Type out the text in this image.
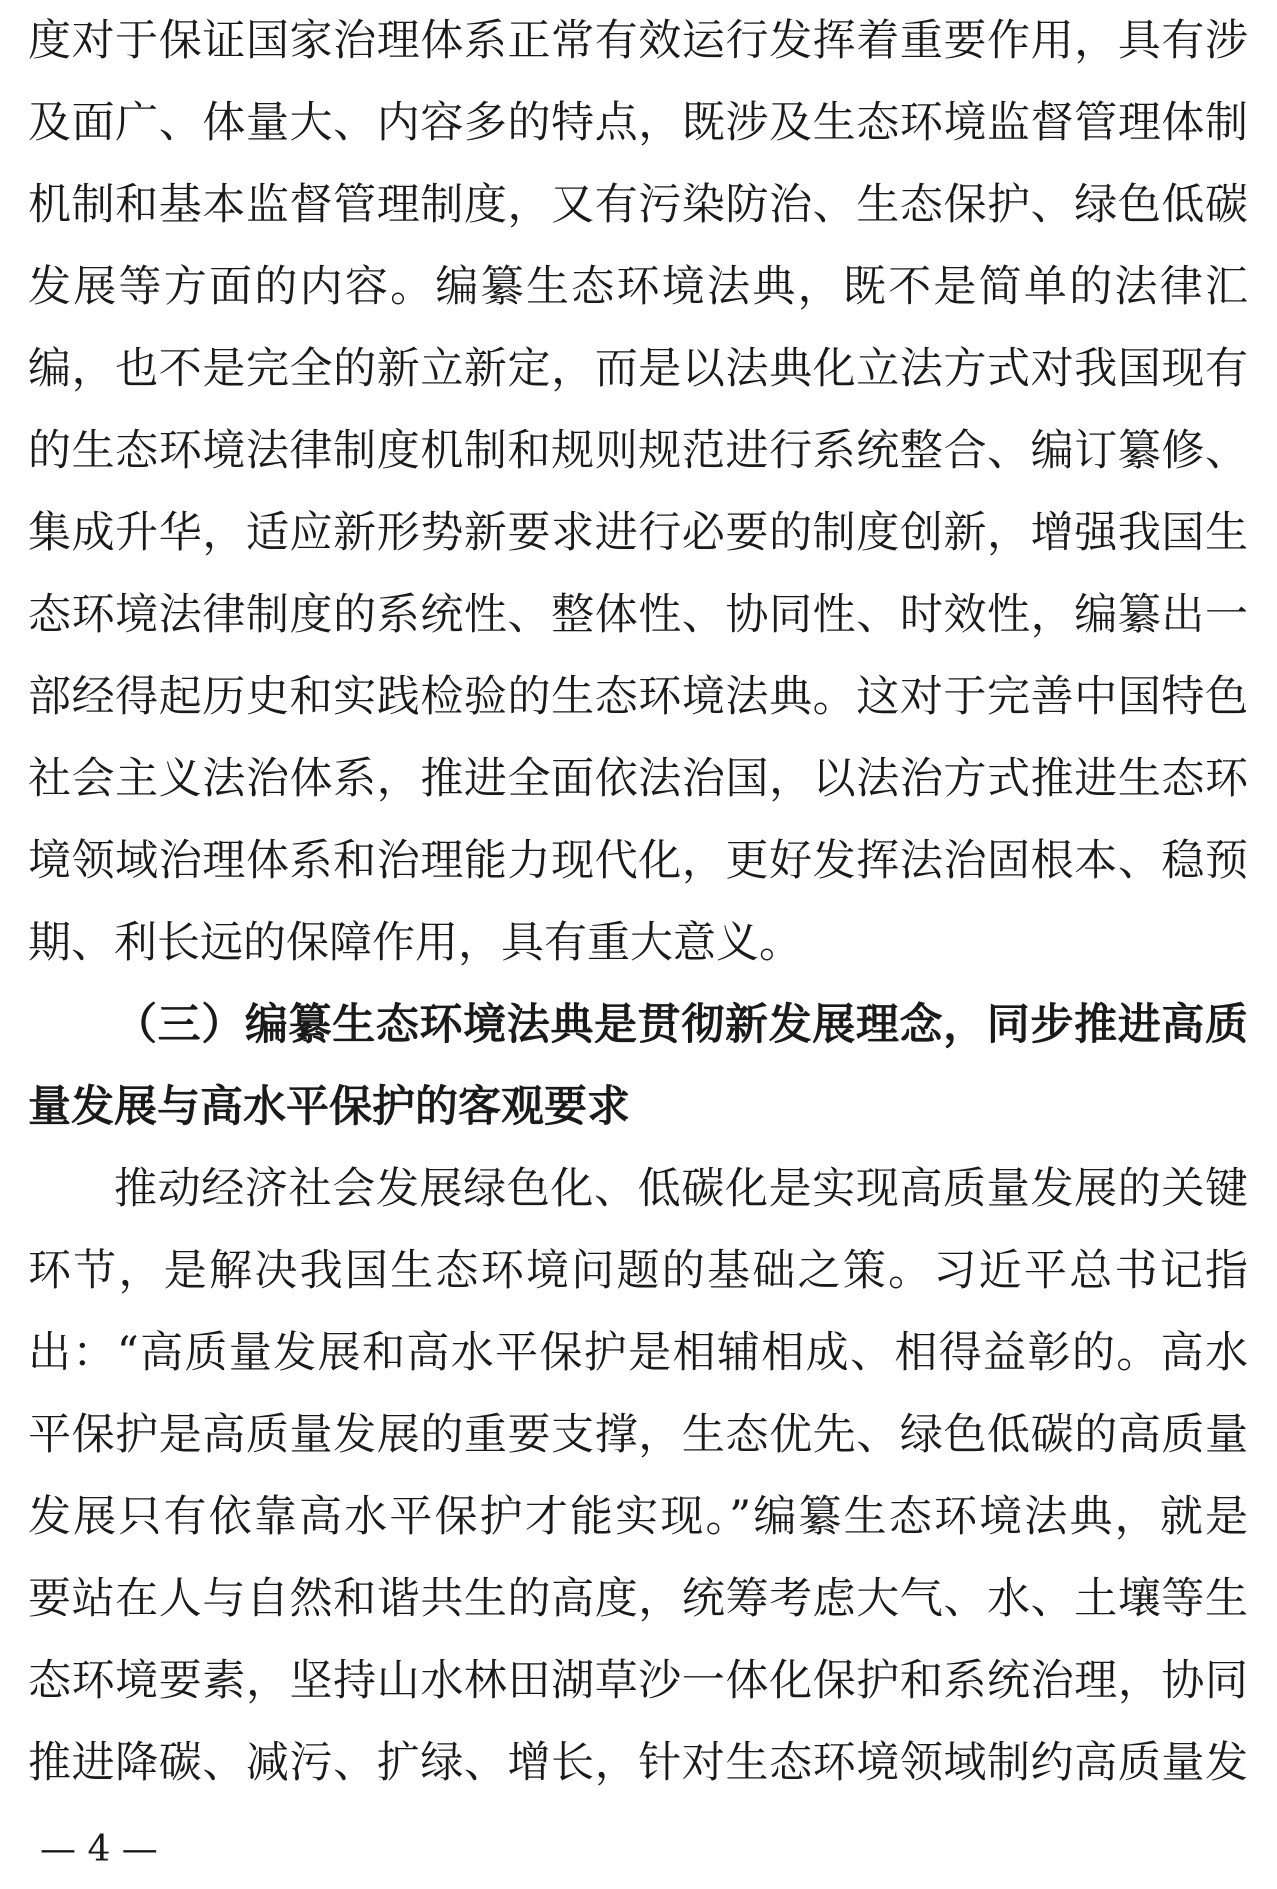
度对于保证国家治理体系正常有效运行发挥着重要作用，具有涉
及面广、体量大、内容多的特点，既涉及生态环境监督管理体制
机制和基本监督管理制度，又有污染防治、生态保护、绿色低碳
发展等方面的内容。编纂生态环境法典，既不是简单的法律汇
编，也不是完全的新立新定，而是以法典化立法方式对我国现有
的生态环境法律制度机制和规则规范进行系统整合、编订纂修、
集成升华，适应新形势新要求进行必要的制度创新，增强我国生
态环境法律制度的系统性、整体性、协同性、时效性，编纂出一
部经得起历史和实践检验的生态环境法典。这对于完善中国特色
社会主义法治体系，推进全面依法治国，以法治方式推进生态环
境领域治理体系和治理能力现代化，更好发挥法治固根本、稳预
期、利长远的保障作用，具有重大意义。
（三）编纂生态环境法典是贯彻新发展理念，同步推进高质
量发展与高水平保护的客观要求
推动经济社会发展绿色化、低碳化是实现高质量发展的关键
环节，是解决我国生态环境问题的基础之策。习近平总书记指
出：“高质量发展和高水平保护是相辅相成、相得益彰的。高水
平保护是高质量发展的重要支撑，生态优先、绿色低碳的高质量
发展只有依靠高水平保护才能实现。”编纂生态环境法典，就是
要站在人与自然和谐共生的高度，统筹考虑大气、水、土壤等生
态环境要素，坚持山水林田湖草沙一体化保护和系统治理，协同
推进降碳、减污、扩绿、增长，针对生态环境领域制约高质量发
— 4 —
